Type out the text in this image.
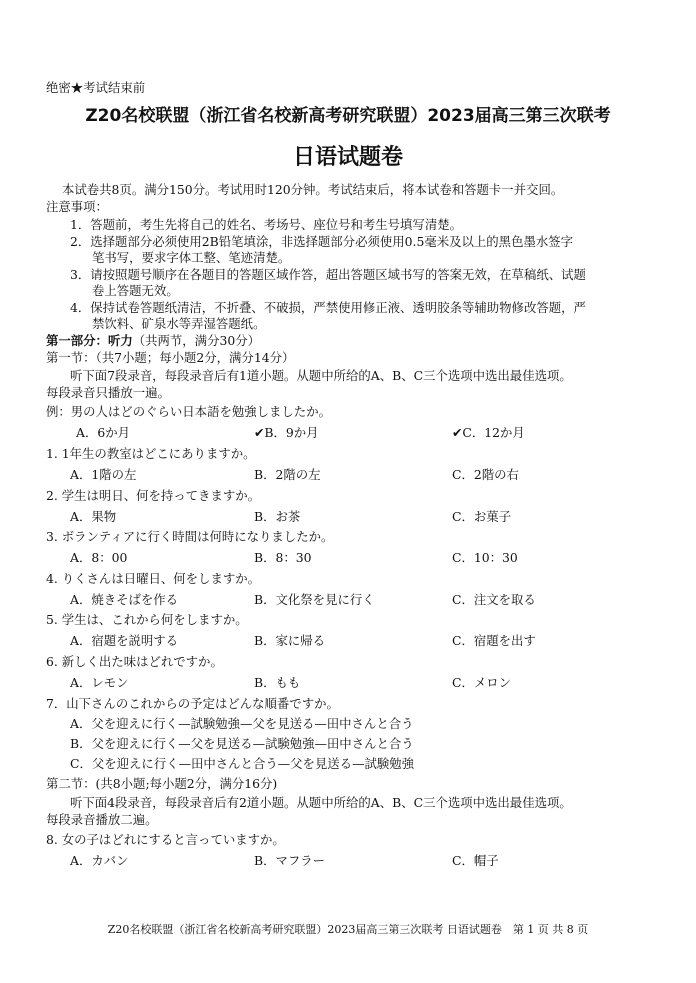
绝密★考试结束前
Z20名校联盟（浙江省名校新高考研究联盟）2023届高三第三次联考
日语试题卷
本试卷共8页。满分150分。考试用时120分钟。考试结束后，将本试卷和答题卡一并交回。
注意事项：
1．答题前，考生先将自己的姓名、考场号、座位号和考生号填写清楚。
2．选择题部分必须使用2B铅笔填涂，非选择题部分必须使用0.5毫米及以上的黑色墨水签字
笔书写，要求字体工整、笔迹清楚。
3．请按照题号顺序在各题目的答题区域作答，超出答题区域书写的答案无效，在草稿纸、试题
卷上答题无效。
4．保持试卷答题纸清洁，不折叠、不破损，严禁使用修正液、透明胶条等辅助物修改答题，严
禁饮料、矿泉水等弄湿答题纸。
第一部分：听力（共两节，满分30分）
第一节：（共7小题；每小题2分，满分14分）
听下面7段录音，每段录音后有1道小题。从题中所给的A、B、C三个选项中选出最佳选项。
每段录音只播放一遍。
例：男の人はどのぐらい日本語を勉強しましたか。
A．6か月	✔B．9か月	✔C．12か月
1. 1年生の教室はどこにありますか。
A．1階の左	B．2階の左	C．2階の右
2. 学生は明日、何を持ってきますか。
A．果物	B．お茶	C．お菓子
3. ボランティアに行く時間は何時になりましたか。
A．8：00	B．8：30	C．10：30
4. りくさんは日曜日、何をしますか。
A．焼きそばを作る	B．文化祭を見に行く	C．注文を取る
5. 学生は、これから何をしますか。
A．宿題を説明する	B．家に帰る	C．宿題を出す
6. 新しく出た味はどれですか。
A．レモン	B．もも	C．メロン
7．山下さんのこれからの予定はどんな順番ですか。
A．父を迎えに行く—試験勉強—父を見送る—田中さんと合う
B．父を迎えに行く—父を見送る—試験勉強—田中さんと合う
C．父を迎えに行く—田中さんと合う—父を見送る—試験勉強
第二节：(共8小题;每小题2分，满分16分)
听下面4段录音，每段录音后有2道小题。从题中所给的A、B、C三个选项中选出最佳选项。
每段录音播放二遍。
8. 女の子はどれにすると言っていますか。
A．カバン	B．マフラー	C．帽子
Z20名校联盟（浙江省名校新高考研究联盟）2023届高三第三次联考 日语试题卷　第 1 页 共 8 页
